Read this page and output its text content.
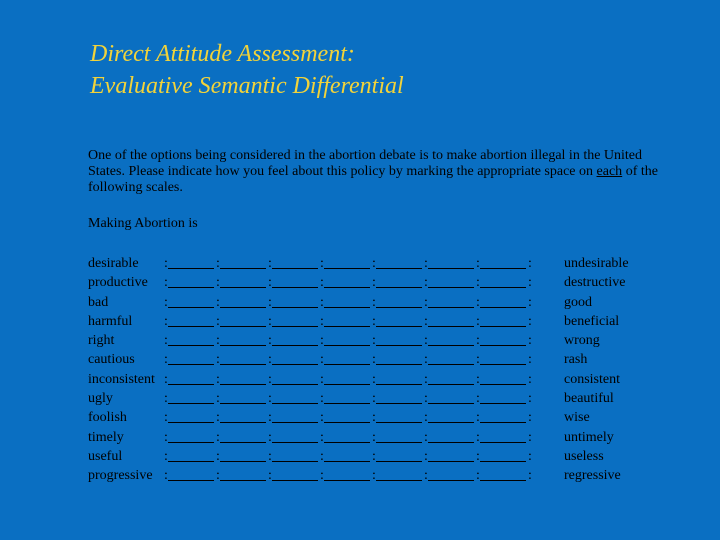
Direct Attitude Assessment:
Evaluative Semantic Differential
One of the options being considered in the abortion debate is to make abortion illegal in the United States. Please indicate how you feel about this policy by marking the appropriate space on each of the following scales.
Making Abortion is
desirable :	:	:	:	:	:	:	: undesirable
productive :	:	:	:	:	:	:	: destructive
bad	:	:	:	:	:	:	:	: good
harmful :	:	:	:	:	:	:	: beneficial
right	:	:	:	:	:	:	:	: wrong
cautious :	:	:	:	:	:	:	: rash
inconsistent :	:	:	:	:	:	:	: consistent
ugly	:	:	:	:	:	:	:	: beautiful
foolish	:	:	:	:	:	:	:	: wise
timely	:	:	:	:	:	:	:	: untimely
useful	:	:	:	:	:	:	:	: useless
progressive :	:	:	:	:	:	:	: regressive
